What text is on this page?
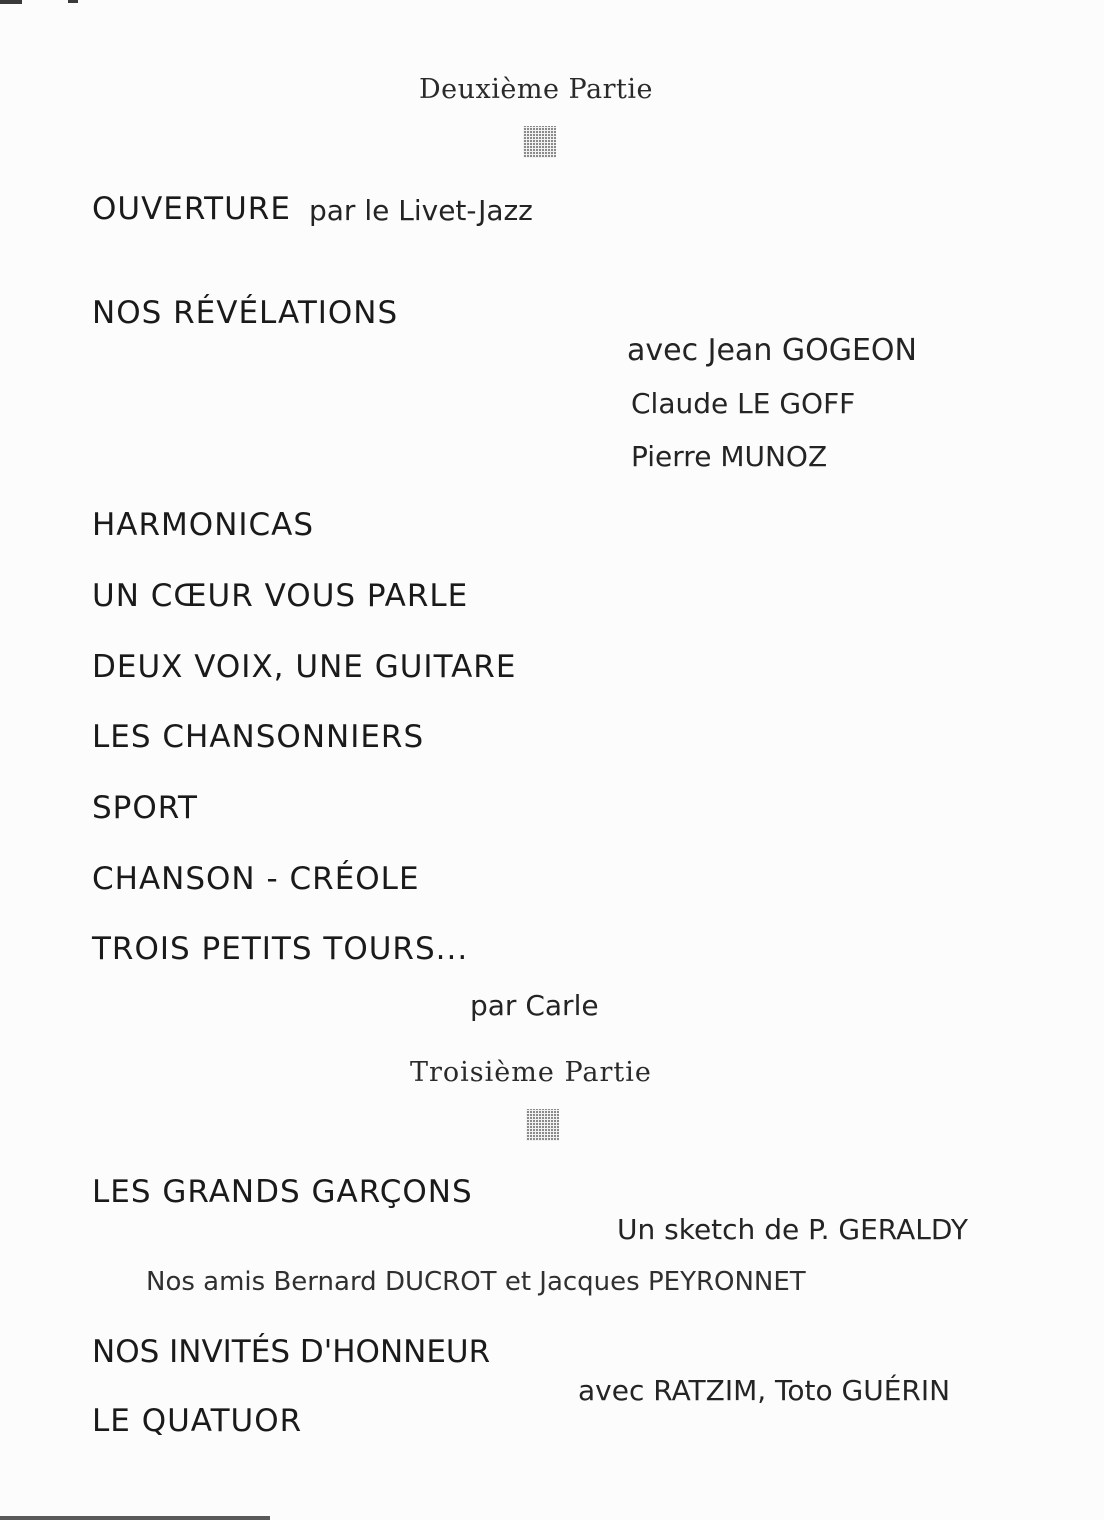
Deuxième Partie
OUVERTURE par le Livet-Jazz
NOS RÉVÉLATIONS
avec Jean GOGEON
Claude LE GOFF
Pierre MUNOZ
HARMONICAS
UN CŒUR VOUS PARLE
DEUX VOIX, UNE GUITARE
LES CHANSONNIERS
SPORT
CHANSON - CRÉOLE
TROIS PETITS TOURS...
par Carle
Troisième Partie
LES GRANDS GARÇONS
Un sketch de P. GERALDY
Nos amis Bernard DUCROT et Jacques PEYRONNET
NOS INVITÉS D'HONNEUR
avec RATZIM, Toto GUÉRIN
LE QUATUOR
